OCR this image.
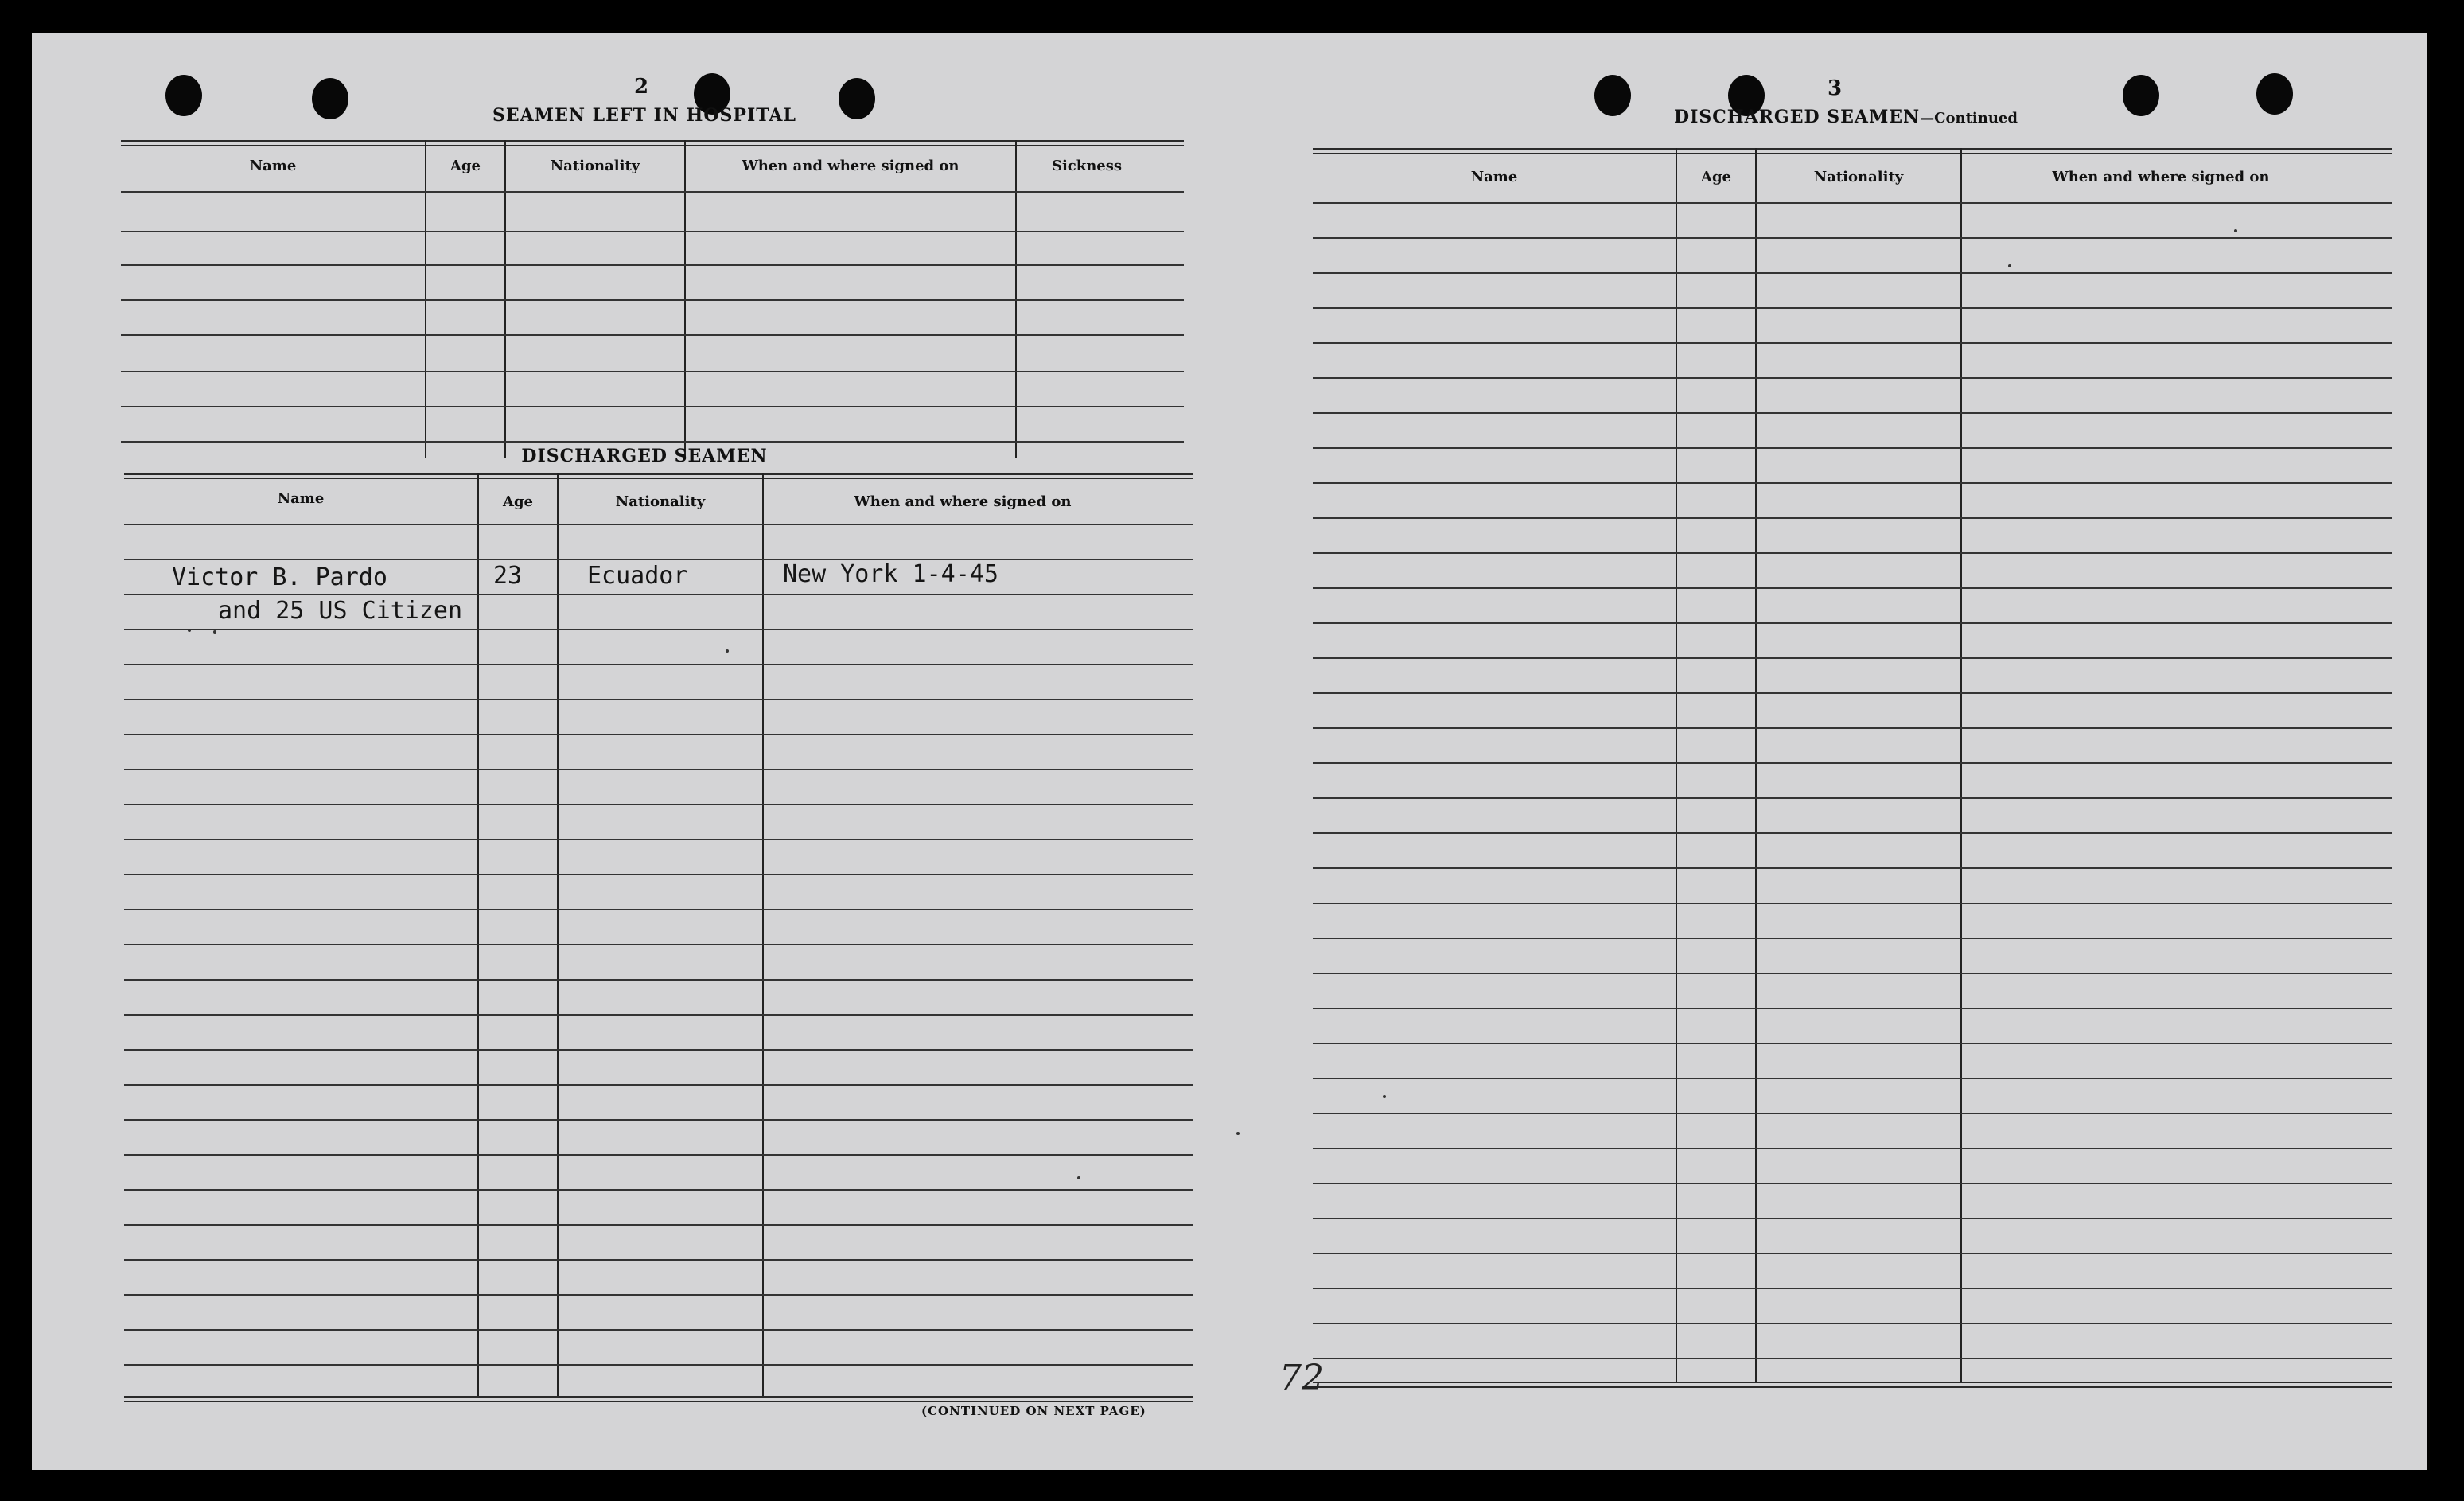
2
SEAMEN LEFT IN HOSPITAL
Name	Age	Nationality	When and where signed on	Sickness
DISCHARGED SEAMEN
Name	Age	Nationality	When and where signed on
Victor B. Pardo	23	Ecuador	New York 1-4-45
and 25 US Citizen
(CONTINUED ON NEXT PAGE)
3
DISCHARGED SEAMEN—Continued
Name	Age	Nationality	When and where signed on
72
